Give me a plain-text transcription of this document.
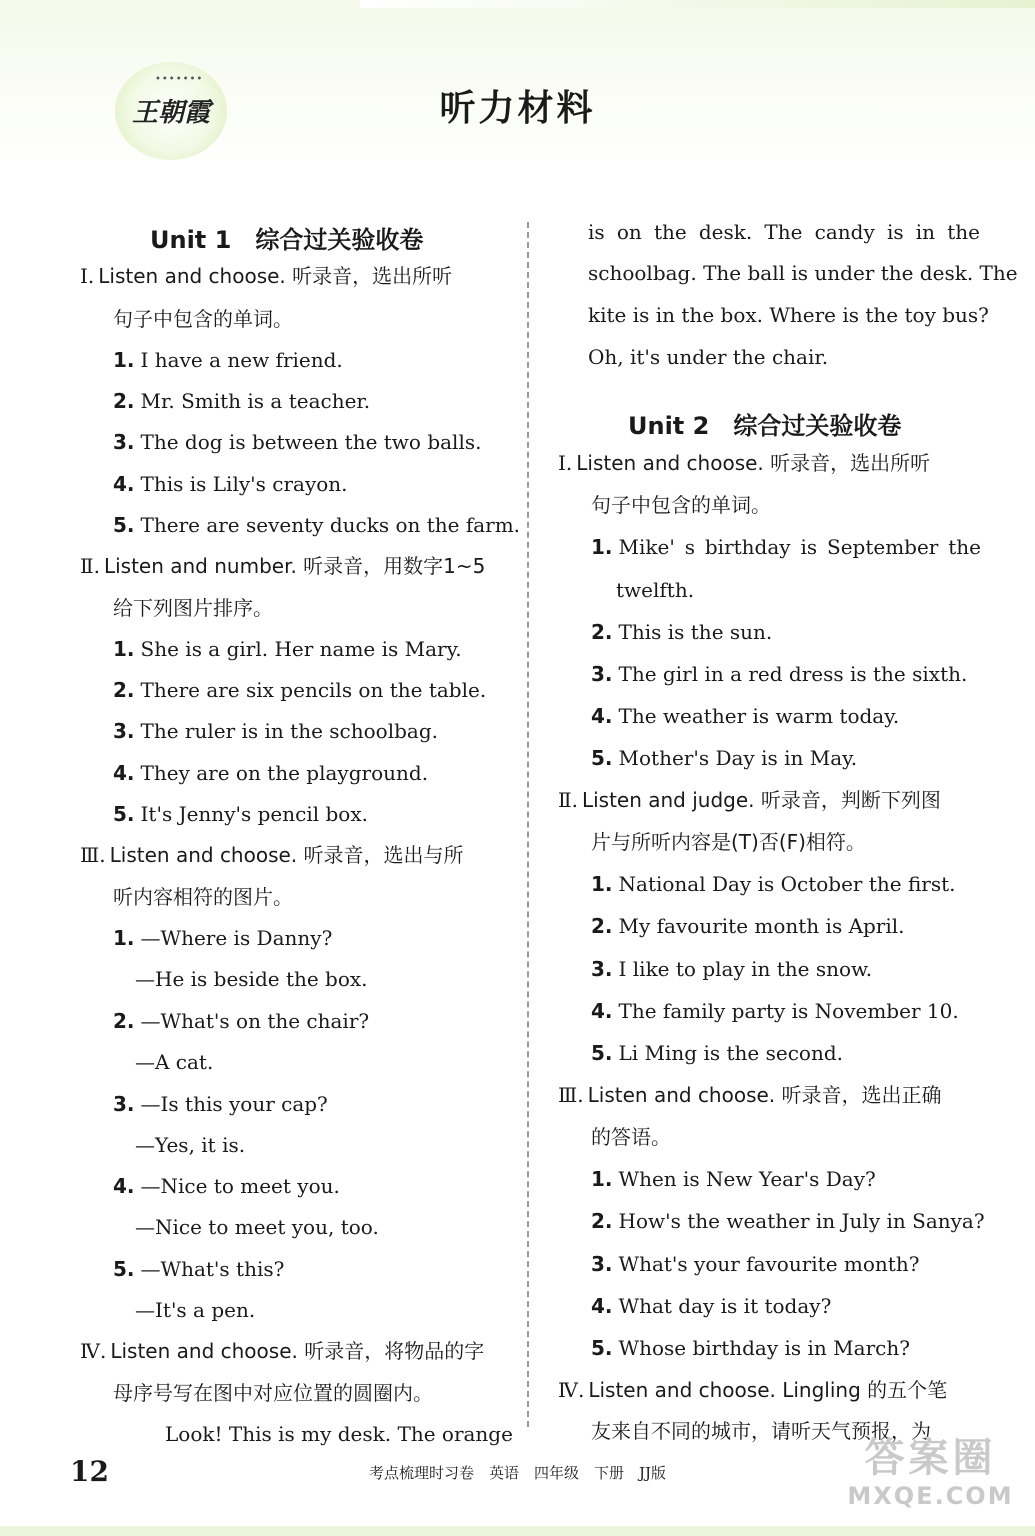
•••••••
王朝霞	听力材料
Unit 1　综合过关验收卷
Ⅰ. Listen and choose. 听录音，选出所听
句子中包含的单词。
1. I have a new friend.
2. Mr. Smith is a teacher.
3. The dog is between the two balls.
4. This is Lily's crayon.
5. There are seventy ducks on the farm.
Ⅱ. Listen and number. 听录音，用数字1~5
给下列图片排序。
1. She is a girl. Her name is Mary.
2. There are six pencils on the table.
3. The ruler is in the schoolbag.
4. They are on the playground.
5. It's Jenny's pencil box.
Ⅲ. Listen and choose. 听录音，选出与所
听内容相符的图片。
1. —Where is Danny?
—He is beside the box.
2. —What's on the chair?
—A cat.
3. —Is this your cap?
—Yes, it is.
4. —Nice to meet you.
—Nice to meet you, too.
5. —What's this?
—It's a pen.
Ⅳ. Listen and choose. 听录音，将物品的字
母序号写在图中对应位置的圆圈内。
Look! This is my desk. The orange
is on the desk. The candy is in the
schoolbag. The ball is under the desk. The
kite is in the box. Where is the toy bus?
Oh, it's under the chair.
Unit 2　综合过关验收卷
Ⅰ. Listen and choose. 听录音，选出所听
句子中包含的单词。
1. Mike' s birthday is September the
twelfth.
2. This is the sun.
3. The girl in a red dress is the sixth.
4. The weather is warm today.
5. Mother's Day is in May.
Ⅱ. Listen and judge. 听录音，判断下列图
片与所听内容是(T)否(F)相符。
1. National Day is October the first.
2. My favourite month is April.
3. I like to play in the snow.
4. The family party is November 10.
5. Li Ming is the second.
Ⅲ. Listen and choose. 听录音，选出正确
的答语。
1. When is New Year's Day?
2. How's the weather in July in Sanya?
3. What's your favourite month?
4. What day is it today?
5. Whose birthday is in March?
Ⅳ. Listen and choose. Lingling 的五个笔
友来自不同的城市，请听天气预报，为
12	考点梳理时习卷　英语　四年级　下册　JJ版	答案圈
MXQE.COM
